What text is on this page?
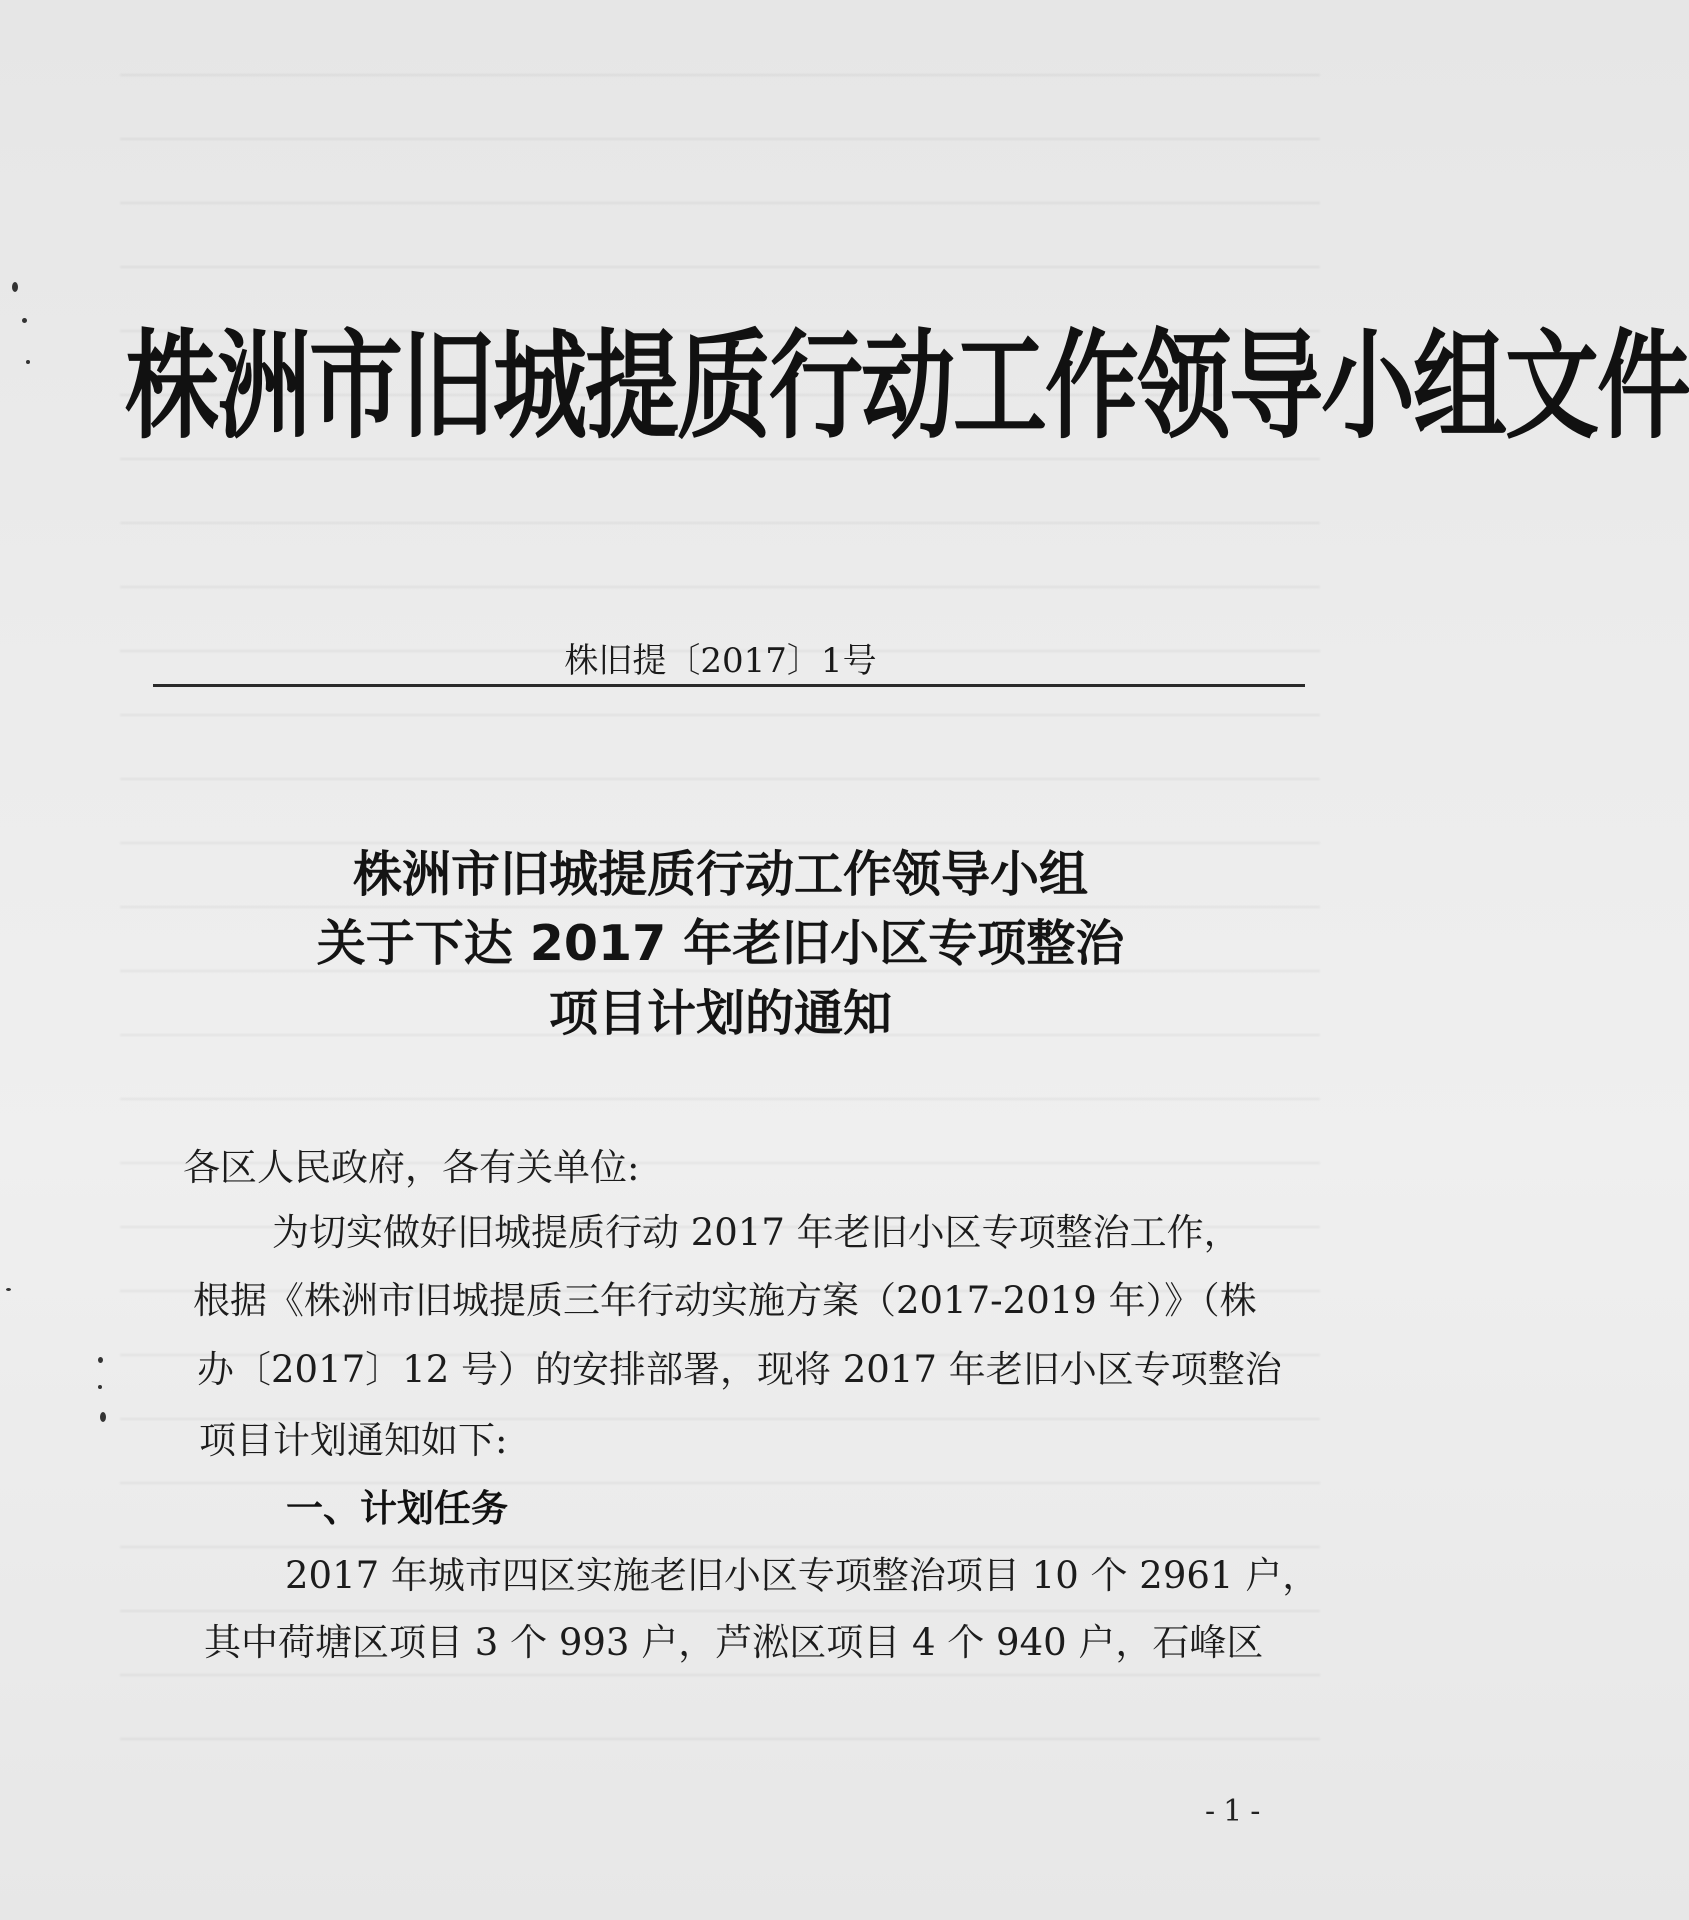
株洲市旧城提质行动工作领导小组文件
株旧提〔2017〕1号
株洲市旧城提质行动工作领导小组
关于下达 2017 年老旧小区专项整治
项目计划的通知
各区人民政府，各有关单位:
为切实做好旧城提质行动 2017 年老旧小区专项整治工作，
根据《株洲市旧城提质三年行动实施方案（2017-2019 年）》（株
办〔2017〕12 号）的安排部署，现将 2017 年老旧小区专项整治
项目计划通知如下:
一、计划任务
2017 年城市四区实施老旧小区专项整治项目 10 个 2961 户，
其中荷塘区项目 3 个 993 户，芦淞区项目 4 个 940 户，石峰区
-1-
